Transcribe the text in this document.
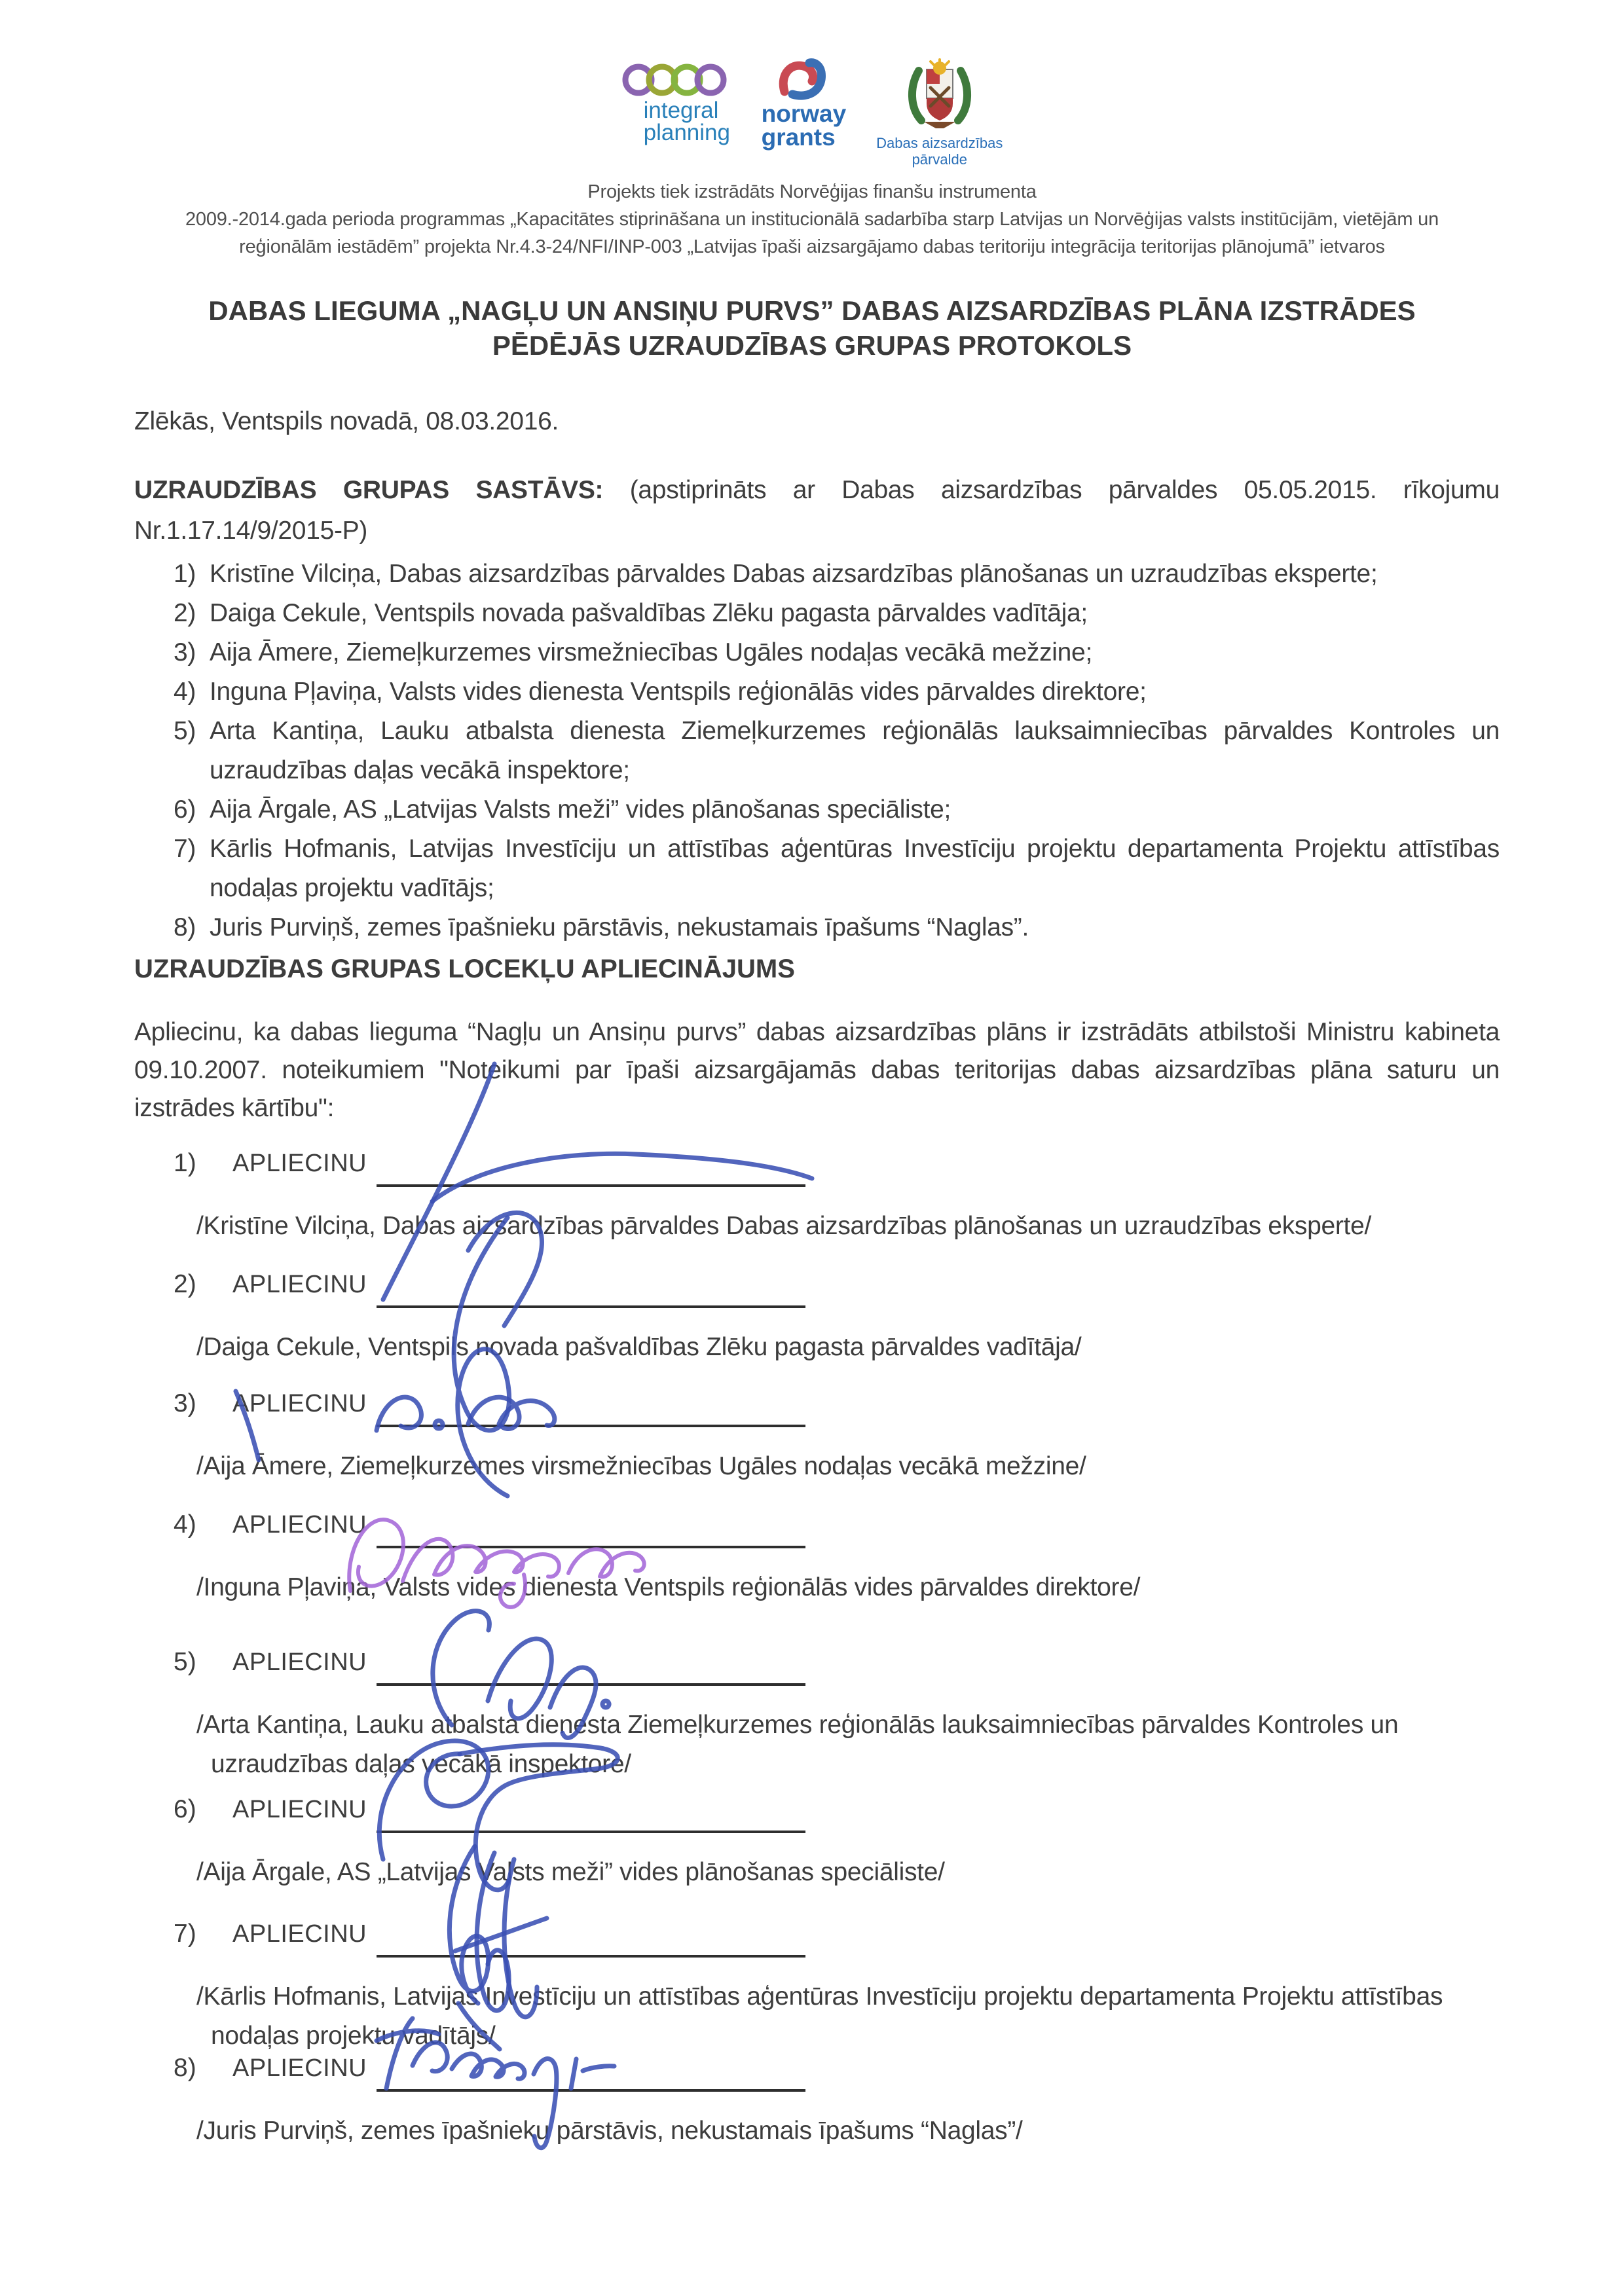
integral
planning
norway
grants	Dabas aizsardzības
pārvalde
Projekts tiek izstrādāts Norvēģijas finanšu instrumenta
2009.-2014.gada perioda programmas „Kapacitātes stiprināšana un institucionālā sadarbība starp Latvijas un Norvēģijas valsts institūcijām, vietējām un
reģionālām iestādēm” projekta Nr.4.3-24/NFI/INP-003 „Latvijas īpaši aizsargājamo dabas teritoriju integrācija teritorijas plānojumā” ietvaros
DABAS LIEGUMA „NAGĻU UN ANSIŅU PURVS” DABAS AIZSARDZĪBAS PLĀNA IZSTRĀDES
PĒDĒJĀS UZRAUDZĪBAS GRUPAS PROTOKOLS
Zlēkās, Ventspils novadā, 08.03.2016.
UZRAUDZĪBAS GRUPAS SASTĀVS: (apstiprināts ar Dabas aizsardzības pārvaldes 05.05.2015. rīkojumu Nr.1.17.14/9/2015-P)
1) Kristīne Vilciņa, Dabas aizsardzības pārvaldes Dabas aizsardzības plānošanas un uzraudzības eksperte;
2) Daiga Cekule, Ventspils novada pašvaldības Zlēku pagasta pārvaldes vadītāja;
3) Aija Āmere, Ziemeļkurzemes virsmežniecības Ugāles nodaļas vecākā mežzine;
4) Inguna Pļaviņa, Valsts vides dienesta Ventspils reģionālās vides pārvaldes direktore;
5) Arta Kantiņa, Lauku atbalsta dienesta Ziemeļkurzemes reģionālās lauksaimniecības pārvaldes Kontroles un uzraudzības daļas vecākā inspektore;
6) Aija Ārgale, AS „Latvijas Valsts meži” vides plānošanas speciāliste;
7) Kārlis Hofmanis, Latvijas Investīciju un attīstības aģentūras Investīciju projektu departamenta Projektu attīstības nodaļas projektu vadītājs;
8) Juris Purviņš, zemes īpašnieku pārstāvis, nekustamais īpašums “Naglas”.
UZRAUDZĪBAS GRUPAS LOCEKĻU APLIECINĀJUMS
Apliecinu, ka dabas lieguma “Nagļu un Ansiņu purvs” dabas aizsardzības plāns ir izstrādāts atbilstoši Ministru kabineta 09.10.2007. noteikumiem "Noteikumi par īpaši aizsargājamās dabas teritorijas dabas aizsardzības plāna saturu un izstrādes kārtību":
1)	APLIECINU
/Kristīne Vilciņa, Dabas aizsardzības pārvaldes Dabas aizsardzības plānošanas un uzraudzības eksperte/
2)	APLIECINU
/Daiga Cekule, Ventspils novada pašvaldības Zlēku pagasta pārvaldes vadītāja/
3)	APLIECINU
/Aija Āmere, Ziemeļkurzemes virsmežniecības Ugāles nodaļas vecākā mežzine/
4)	APLIECINU
/Inguna Pļaviņa, Valsts vides dienesta Ventspils reģionālās vides pārvaldes direktore/
5)	APLIECINU
/Arta Kantiņa, Lauku atbalsta dienesta Ziemeļkurzemes reģionālās lauksaimniecības pārvaldes Kontroles un uzraudzības daļas vecākā inspektore/
6)	APLIECINU
/Aija Ārgale, AS „Latvijas Valsts meži” vides plānošanas speciāliste/
7)	APLIECINU
/Kārlis Hofmanis, Latvijas Investīciju un attīstības aģentūras Investīciju projektu departamenta Projektu attīstības nodaļas projektu vadītājs/
8)	APLIECINU
/Juris Purviņš, zemes īpašnieku pārstāvis, nekustamais īpašums “Naglas”/
